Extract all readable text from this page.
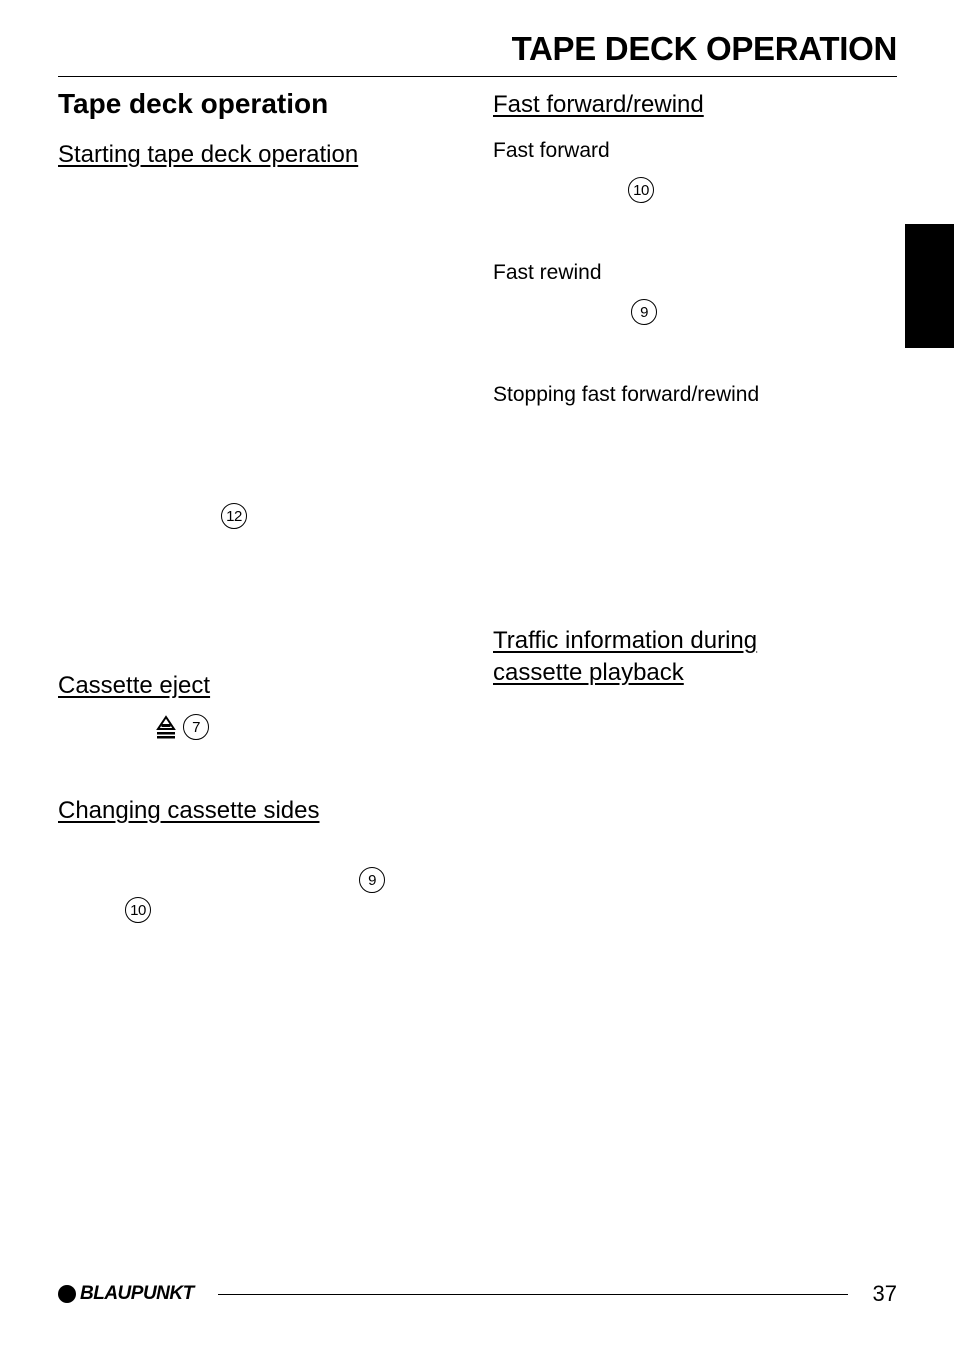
TAPE DECK OPERATION
Tape deck operation
Starting tape deck operation
12
Cassette eject
7
Changing cassette sides
9
10
Fast forward/rewind
Fast forward
10
Fast rewind
9
Stopping fast forward/rewind
Traffic information during
cassette playback
BLAUPUNKT	37
